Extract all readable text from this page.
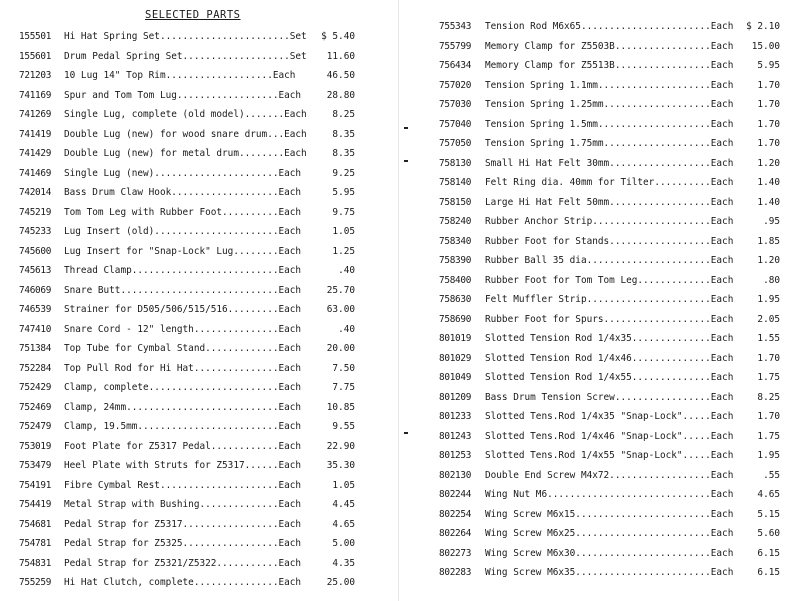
SELECTED PARTS
155501	Hi Hat Spring Set.......................Set	$ 5.40
155601	Drum Pedal Spring Set...................Set	11.60
721203	10 Lug 14" Top Rim...................Each	46.50
741169	Spur and Tom Tom Lug..................Each	28.80
741269	Single Lug, complete (old model).......Each	8.25
741419	Double Lug (new) for wood snare drum...Each	8.35
741429	Double Lug (new) for metal drum........Each	8.35
741469	Single Lug (new)......................Each	9.25
742014	Bass Drum Claw Hook...................Each	5.95
745219	Tom Tom Leg with Rubber Foot..........Each	9.75
745233	Lug Insert (old)......................Each	1.05
745600	Lug Insert for "Snap-Lock" Lug........Each	1.25
745613	Thread Clamp..........................Each	.40
746069	Snare Butt............................Each	25.70
746539	Strainer for D505/506/515/516.........Each	63.00
747410	Snare Cord - 12" length...............Each	.40
751384	Top Tube for Cymbal Stand.............Each	20.00
752284	Top Pull Rod for Hi Hat...............Each	7.50
752429	Clamp, complete.......................Each	7.75
752469	Clamp, 24mm...........................Each	10.85
752479	Clamp, 19.5mm.........................Each	9.55
753019	Foot Plate for Z5317 Pedal............Each	22.90
753479	Heel Plate with Struts for Z5317......Each	35.30
754191	Fibre Cymbal Rest.....................Each	1.05
754419	Metal Strap with Bushing..............Each	4.45
754681	Pedal Strap for Z5317.................Each	4.65
754781	Pedal Strap for Z5325.................Each	5.00
754831	Pedal Strap for Z5321/Z5322...........Each	4.35
755259	Hi Hat Clutch, complete...............Each	25.00
755343	Tension Rod M6x65.......................Each	$ 2.10
755799	Memory Clamp for Z5503B.................Each	15.00
756434	Memory Clamp for Z5513B.................Each	5.95
757020	Tension Spring 1.1mm....................Each	1.70
757030	Tension Spring 1.25mm...................Each	1.70
757040	Tension Spring 1.5mm....................Each	1.70
757050	Tension Spring 1.75mm...................Each	1.70
758130	Small Hi Hat Felt 30mm..................Each	1.20
758140	Felt Ring dia. 40mm for Tilter..........Each	1.40
758150	Large Hi Hat Felt 50mm..................Each	1.40
758240	Rubber Anchor Strip.....................Each	.95
758340	Rubber Foot for Stands..................Each	1.85
758390	Rubber Ball 35 dia......................Each	1.20
758400	Rubber Foot for Tom Tom Leg.............Each	.80
758630	Felt Muffler Strip......................Each	1.95
758690	Rubber Foot for Spurs...................Each	2.05
801019	Slotted Tension Rod 1/4x35..............Each	1.55
801029	Slotted Tension Rod 1/4x46..............Each	1.70
801049	Slotted Tension Rod 1/4x55..............Each	1.75
801209	Bass Drum Tension Screw.................Each	8.25
801233	Slotted Tens.Rod 1/4x35 "Snap-Lock".....Each	1.70
801243	Slotted Tens.Rod 1/4x46 "Snap-Lock".....Each	1.75
801253	Slotted Tens.Rod 1/4x55 "Snap-Lock".....Each	1.95
802130	Double End Screw M4x72..................Each	.55
802244	Wing Nut M6.............................Each	4.65
802254	Wing Screw M6x15........................Each	5.15
802264	Wing Screw M6x25........................Each	5.60
802273	Wing Screw M6x30........................Each	6.15
802283	Wing Screw M6x35........................Each	6.15
